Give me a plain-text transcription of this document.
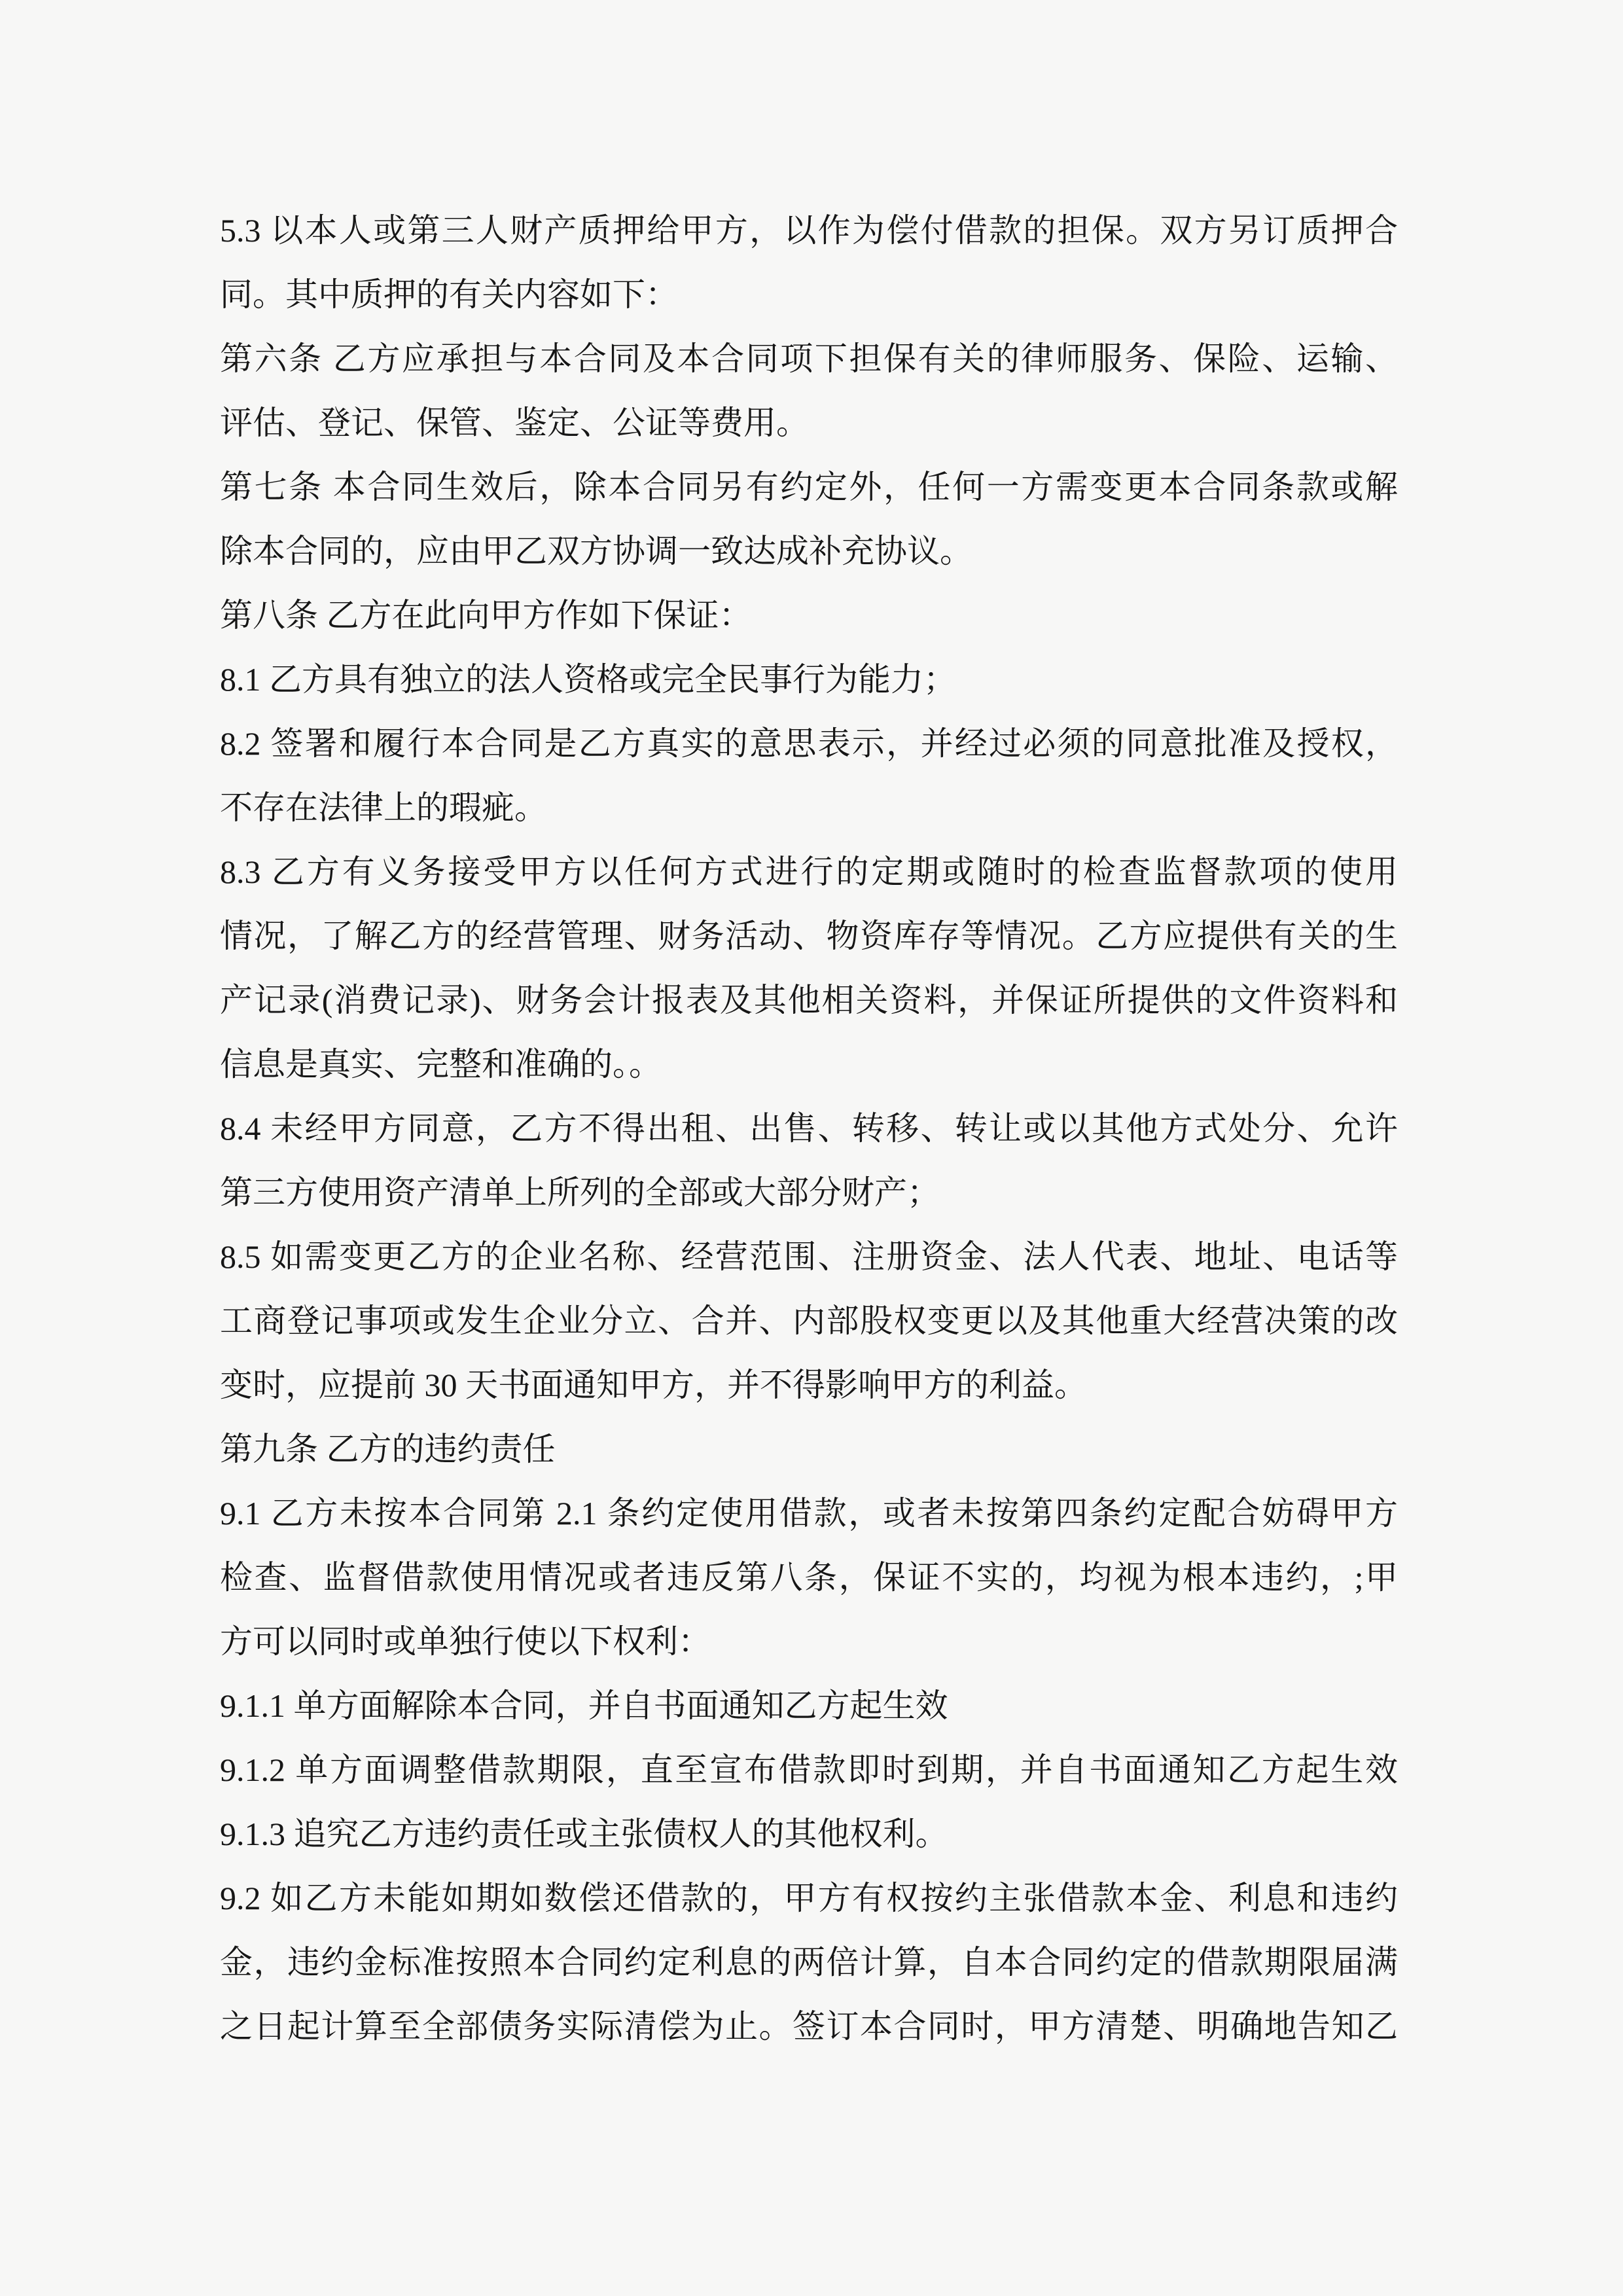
5.3 以本人或第三人财产质押给甲方，以作为偿付借款的担保。双方另订质押合
同。其中质押的有关内容如下：
第六条 乙方应承担与本合同及本合同项下担保有关的律师服务、保险、运输、
评估、登记、保管、鉴定、公证等费用。
第七条 本合同生效后，除本合同另有约定外，任何一方需变更本合同条款或解
除本合同的，应由甲乙双方协调一致达成补充协议。
第八条 乙方在此向甲方作如下保证：
8.1 乙方具有独立的法人资格或完全民事行为能力；
8.2 签署和履行本合同是乙方真实的意思表示，并经过必须的同意批准及授权，
不存在法律上的瑕疵。
8.3 乙方有义务接受甲方以任何方式进行的定期或随时的检查监督款项的使用
情况，了解乙方的经营管理、财务活动、物资库存等情况。乙方应提供有关的生
产记录(消费记录)、财务会计报表及其他相关资料，并保证所提供的文件资料和
信息是真实、完整和准确的。。
8.4 未经甲方同意，乙方不得出租、出售、转移、转让或以其他方式处分、允许
第三方使用资产清单上所列的全部或大部分财产；
8.5 如需变更乙方的企业名称、经营范围、注册资金、法人代表、地址、电话等
工商登记事项或发生企业分立、合并、内部股权变更以及其他重大经营决策的改
变时，应提前 30 天书面通知甲方，并不得影响甲方的利益。
第九条 乙方的违约责任
9.1 乙方未按本合同第 2.1 条约定使用借款，或者未按第四条约定配合妨碍甲方
检查、监督借款使用情况或者违反第八条，保证不实的，均视为根本违约，;甲
方可以同时或单独行使以下权利：
9.1.1 单方面解除本合同，并自书面通知乙方起生效
9.1.2 单方面调整借款期限，直至宣布借款即时到期，并自书面通知乙方起生效
9.1.3 追究乙方违约责任或主张债权人的其他权利。
9.2 如乙方未能如期如数偿还借款的，甲方有权按约主张借款本金、利息和违约
金，违约金标准按照本合同约定利息的两倍计算，自本合同约定的借款期限届满
之日起计算至全部债务实际清偿为止。签订本合同时，甲方清楚、明确地告知乙
